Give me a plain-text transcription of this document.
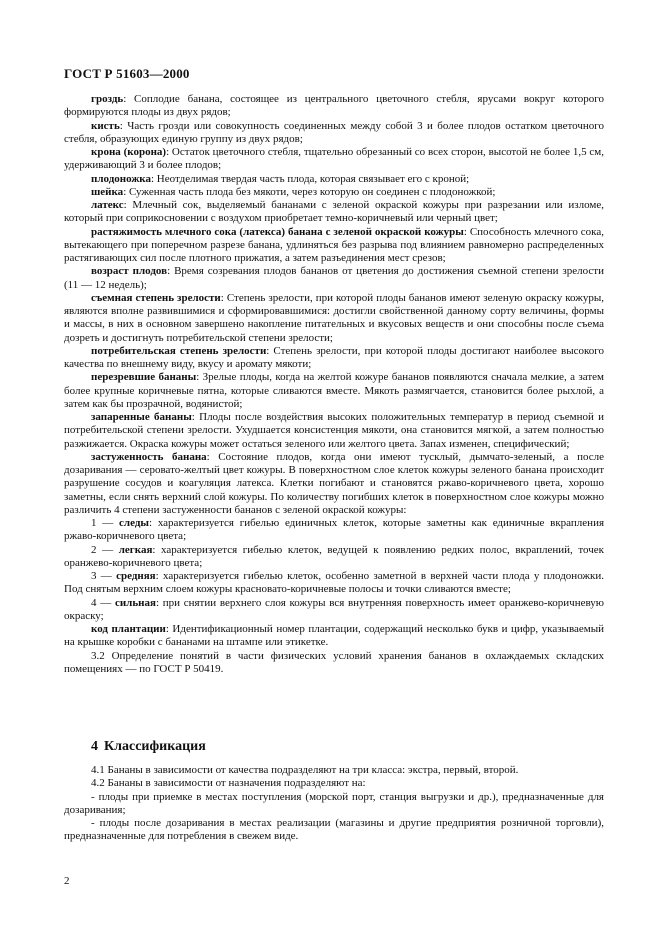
ГОСТ Р 51603—2000

гроздь: Соплодие банана, состоящее из центрального цветочного стебля, ярусами вокруг которого формируются плоды из двух рядов;

кисть: Часть грозди или совокупность соединенных между собой 3 и более плодов остатком цветочного стебля, образующих единую группу из двух рядов;

крона (корона): Остаток цветочного стебля, тщательно обрезанный со всех сторон, высотой не более 1,5 см, удерживающий 3 и более плодов;

плодоножка: Неотделимая твердая часть плода, которая связывает его с кроной;

шейка: Суженная часть плода без мякоти, через которую он соединен с плодоножкой;

латекс: Млечный сок, выделяемый бананами с зеленой окраской кожуры при разрезании или изломе, который при соприкосновении с воздухом приобретает темно-коричневый или черный цвет;

растяжимость млечного сока (латекса) банана с зеленой окраской кожуры: Способность млечного сока, вытекающего при поперечном разрезе банана, удлиняться без разрыва под влиянием равномерно распределенных растягивающих сил после плотного прижатия, а затем разъединения мест срезов;

возраст плодов: Время созревания плодов бананов от цветения до достижения съемной степени зрелости (11 — 12 недель);

съемная степень зрелости: Степень зрелости, при которой плоды бананов имеют зеленую окраску кожуры, являются вполне развившимися и сформировавшимися: достигли свойственной данному сорту величины, формы и массы, в них в основном завершено накопление питательных и вкусовых веществ и они способны после съема дозреть и достигнуть потребительской степени зрелости;

потребительская степень зрелости: Степень зрелости, при которой плоды достигают наиболее высокого качества по внешнему виду, вкусу и аромату мякоти;

перезревшие бананы: Зрелые плоды, когда на желтой кожуре бананов появляются сначала мелкие, а затем более крупные коричневые пятна, которые сливаются вместе. Мякоть размягчается, становится более рыхлой, а затем как бы прозрачной, водянистой;

запаренные бананы: Плоды после воздействия высоких положительных температур в период съемной и потребительской степени зрелости. Ухудшается консистенция мякоти, она становится мягкой, а затем полностью разжижается. Окраска кожуры может остаться зеленого или желтого цвета. Запах изменен, специфический;

застуженность банана: Состояние плодов, когда они имеют тусклый, дымчато-зеленый, а после дозаривания — серовато-желтый цвет кожуры. В поверхностном слое клеток кожуры зеленого банана происходит разрушение сосудов и коагуляция латекса. Клетки погибают и становятся ржаво-коричневого цвета, хорошо заметны, если снять верхний слой кожуры. По количеству погибших клеток в поверхностном слое кожуры можно различить 4 степени застуженности бананов с зеленой окраской кожуры:

1 — следы: характеризуется гибелью единичных клеток, которые заметны как единичные вкрапления ржаво-коричневого цвета;

2 — легкая: характеризуется гибелью клеток, ведущей к появлению редких полос, вкраплений, точек оранжево-коричневого цвета;

3 — средняя: характеризуется гибелью клеток, особенно заметной в верхней части плода у плодоножки. Под снятым верхним слоем кожуры красновато-коричневые полосы и точки сливаются вместе;

4 — сильная: при снятии верхнего слоя кожуры вся внутренняя поверхность имеет оранжево-коричневую окраску;

код плантации: Идентификационный номер плантации, содержащий несколько букв и цифр, указываемый на крышке коробки с бананами на штампе или этикетке.

3.2 Определение понятий в части физических условий хранения бананов в охлаждаемых складских помещениях — по ГОСТ Р 50419.

4 Классификация

4.1 Бананы в зависимости от качества подразделяют на три класса: экстра, первый, второй.

4.2 Бананы в зависимости от назначения подразделяют на:

- плоды при приемке в местах поступления (морской порт, станция выгрузки и др.), предназначенные для дозаривания;

- плоды после дозаривания в местах реализации (магазины и другие предприятия розничной торговли), предназначенные для потребления в свежем виде.

2
